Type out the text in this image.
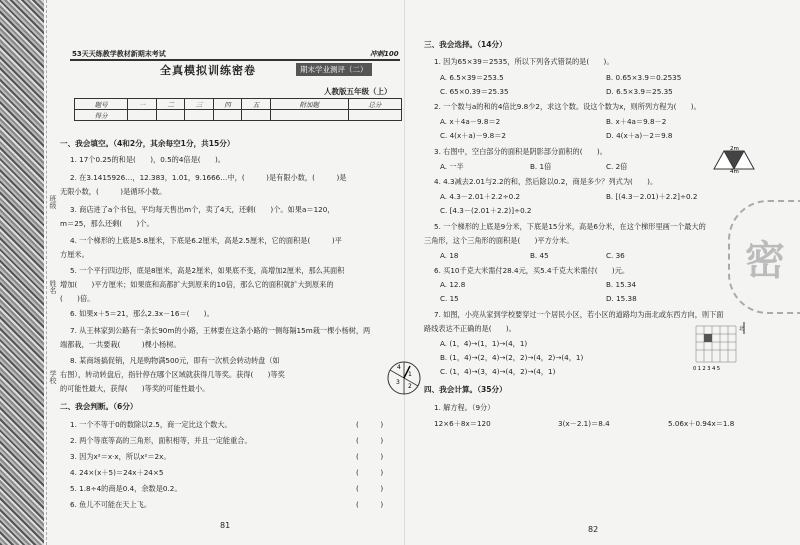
班级
姓名
学校
53天天练教学教材新期末考试	冲刺100
全真模拟训练密卷	期末学业测评（二）
人教版五年级（上）
题号	一	二	三	四	五	附加题	总分
得分							
一、我会填空。（4和2分，其余每空1分，共15分）
1. 17个0.25的和是(　　)，0.5的4倍是(　　)。
2. 在3.1415926…，12.383，1.0̇1̇，9.1666…中，(　　　)是有限小数，(　　　)是
无限小数，(　　　)是循环小数。
3. 商店进了a个书包，平均每天售出m个，卖了4天，还剩(　　)个。如果a＝120，
m＝25，那么还剩(　　)个。
4. 一个梯形的上底是5.8厘米，下底是6.2厘米，高是2.5厘米，它的面积是(　　　)平
方厘米。
5. 一个平行四边形，底是8厘米，高是2厘米，如果底不变，高增加2厘米，那么其面积
增加(　　)平方厘米；如果底和高都扩大到原来的10倍，那么它的面积就扩大到原来的
(　　)倍。
6. 如果x＋5＝21，那么2.3x－16＝(　　)。
7. 从王林家到公路有一条长90m的小路，王林要在这条小路的一侧每隔15m栽一棵小杨树，两
端都栽，一共要栽(　　　)棵小杨树。
8. 某商场搞促销，凡是购物满500元，即有一次机会转动转盘（如
右图），转动转盘后，指针停在哪个区域就获得几等奖。获得(　　)等奖
的可能性最大，获得(　　)等奖的可能性最小。
1
2
3
4
二、我会判断。（6分）
1. 一个不等于0的数除以2.5，商一定比这个数大。	(　　　)
2. 两个等底等高的三角形，面积相等，并且一定能重合。	(　　　)
3. 因为x²＝x·x，所以x²＝2x。	(　　　)
4. 24×(x＋5)＝24x＋24×5	(　　　)
5. 1.8÷4的商是0.4，余数是0.2。	(　　　)
6. 鱼儿不可能在天上飞。	(　　　)
81
三、我会选择。（14分）
1. 因为65×39＝2535，所以下列各式错误的是(　　)。
A. 6.5×39＝253.5	B. 0.65×3.9＝0.2535
C. 65×0.39＝25.35	D. 6.5×3.9＝25.35
2. 一个数与a的和的4倍比9.8少2，求这个数。设这个数为x，则所列方程为(　　)。
A. x＋4a－9.8＝2	B. x＋4a＝9.8－2
C. 4(x＋a)－9.8＝2	D. 4(x＋a)－2＝9.8
3. 右图中，空白部分的面积是阴影部分面积的(　　)。
A. 一半	B. 1倍	C. 2倍
4. 4.3减去2.01与2.2的和，然后除以0.2，商是多少？列式为(　　)。
A. 4.3－2.01＋2.2÷0.2	B. [(4.3－2.01)＋2.2]÷0.2
C. [4.3－(2.01＋2.2)]÷0.2
5. 一个梯形的上底是9分米，下底是15分米，高是6分米，在这个梯形里画一个最大的
三角形，这个三角形的面积是(　　)平方分米。
A. 18	B. 45	C. 36
6. 买10千克大米需付28.4元，买5.4千克大米需付(　　)元。
A. 12.8	B. 15.34
C. 15	D. 15.38
7. 如图，小亮从家到学校要穿过一个居民小区，若小区的道路均为南北或东西方向，则下面
路线表达不正确的是(　　)。
A. (1，4)→(1，1)→(4，1)
B. (1，4)→(2，4)→(2，2)→(4，2)→(4，1)
C. (1，4)→(3，4)→(4，2)→(4，1)
四、我会计算。（35分）
1. 解方程。（9分）
12×6＋8x＝120	3(x－2.1)＝8.4	5.06x＋0.94x＝1.8
82
2m
4m
北
0 1 2 3 4 5
密
